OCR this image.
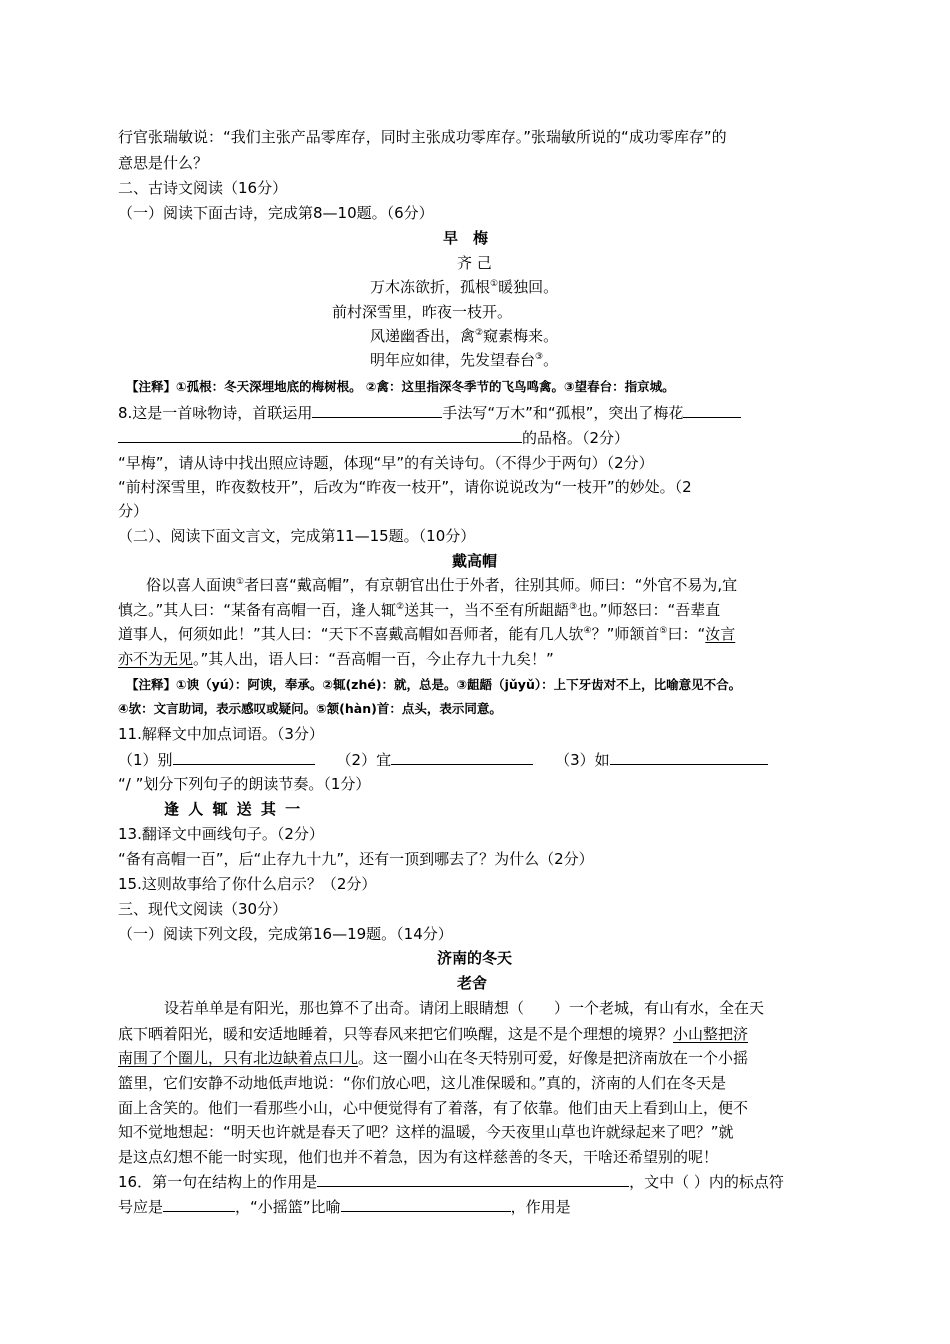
行官张瑞敏说：“我们主张产品零库存，同时主张成功零库存。”张瑞敏所说的“成功零库存”的
意思是什么？
二、古诗文阅读（16分）
（一）阅读下面古诗，完成第8—10题。（6分）
早　梅
齐 己
万木冻欲折，孤根①暖独回。
前村深雪里，昨夜一枝开。
风递幽香出，禽②窥素梅来。
明年应如律，先发望春台③。
【注释】①孤根：冬天深埋地底的梅树根。 ②禽：这里指深冬季节的飞鸟鸣禽。③望春台：指京城。
8.这是一首咏物诗，首联运用	手法写“万木”和“孤根”，突出了梅花
的品格。（2分）
“早梅”，请从诗中找出照应诗题，体现“早”的有关诗句。（不得少于两句）（2分）
“前村深雪里，昨夜数枝开”，后改为“昨夜一枝开”，请你说说改为“一枝开”的妙处。（2
分）
（二）、阅读下面文言文，完成第11—15题。（10分）
戴高帽
俗以喜人面谀①者曰喜“戴高帽”，有京朝官出仕于外者，往别其师。师曰：“外官不易为,宜
慎之。”其人曰：“某备有高帽一百，逢人辄②送其一，当不至有所龃龉③也。”师怒曰：“吾辈直
道事人，何须如此！”其人曰：“天下不喜戴高帽如吾师者，能有几人欤④？”师颔首⑤曰：“汝言
亦不为无见。”其人出，语人曰：“吾高帽一百，今止存九十九矣！”
【注释】①谀（yú）：阿谀，奉承。②辄(zhé)：就，总是。③龃龉（jǔyǔ）：上下牙齿对不上，比喻意见不合。
④欤：文言助词，表示感叹或疑问。⑤颔(hàn)首：点头，表示同意。
11.解释文中加点词语。（3分）
（1）别	（2）宜	（3）如
“/ ”划分下列句子的朗读节奏。（1分）
逢 人 辄 送 其 一
13.翻译文中画线句子。（2分）
“备有高帽一百”，后“止存九十九”，还有一顶到哪去了？为什么（2分）
15.这则故事给了你什么启示？（2分）
三、现代文阅读（30分）
（一）阅读下列文段，完成第16—19题。（14分）
济南的冬天
老舍
设若单单是有阳光，那也算不了出奇。请闭上眼睛想（　　）一个老城，有山有水，全在天
底下晒着阳光，暖和安适地睡着，只等春风来把它们唤醒，这是不是个理想的境界？小山整把济
南围了个圈儿，只有北边缺着点口儿。这一圈小山在冬天特别可爱，好像是把济南放在一个小摇
篮里，它们安静不动地低声地说：“你们放心吧，这儿准保暖和。”真的，济南的人们在冬天是
面上含笑的。他们一看那些小山，心中便觉得有了着落，有了依靠。他们由天上看到山上，便不
知不觉地想起：“明天也许就是春天了吧？这样的温暖，今天夜里山草也许就绿起来了吧？”就
是这点幻想不能一时实现，他们也并不着急，因为有这样慈善的冬天，干啥还希望别的呢！
16．第一句在结构上的作用是	，文中（ ）内的标点符
号应是	，“小摇篮”比喻	，作用是
